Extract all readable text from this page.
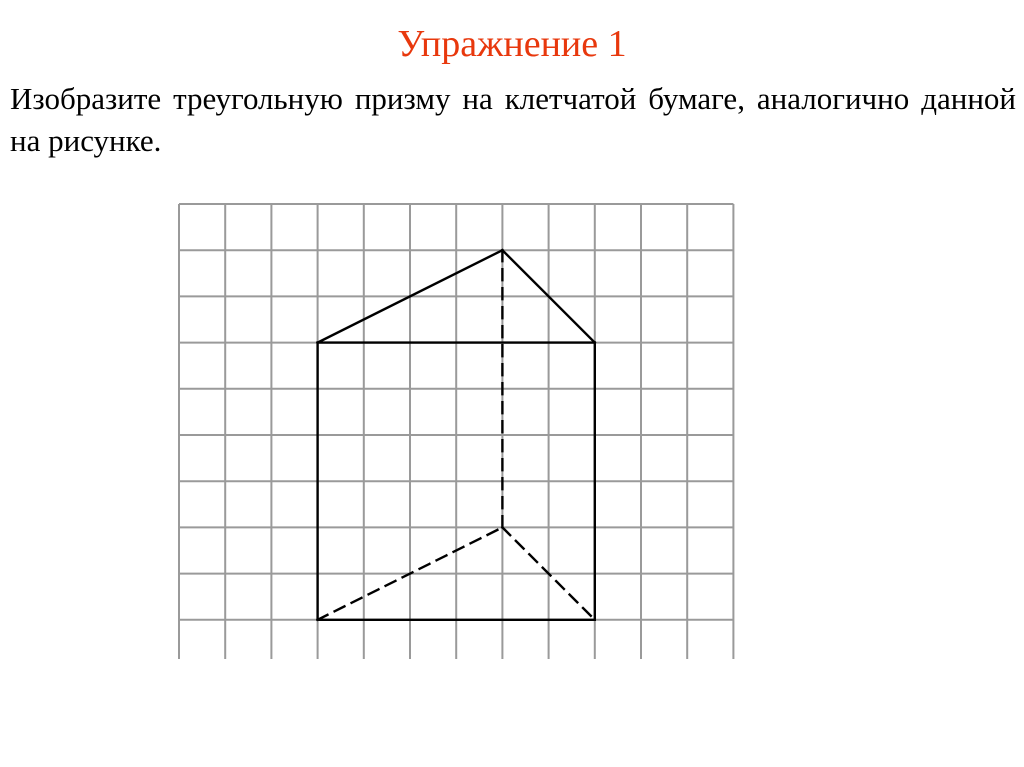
Упражнение 1
Изобразите треугольную призму на клетчатой бумаге, аналогично данной на рисунке.
